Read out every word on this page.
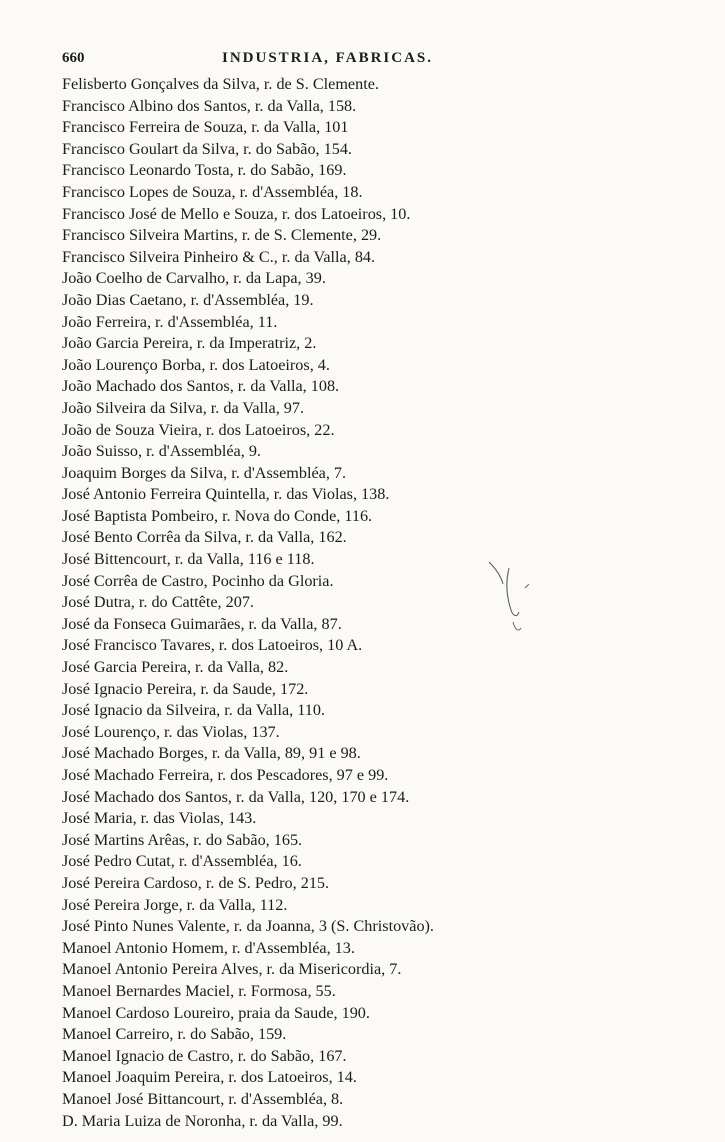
660	INDUSTRIA, FABRICAS.
Felisberto Gonçalves da Silva, r. de S. Clemente.
Francisco Albino dos Santos, r. da Valla, 158.
Francisco Ferreira de Souza, r. da Valla, 101
Francisco Goulart da Silva, r. do Sabão, 154.
Francisco Leonardo Tosta, r. do Sabão, 169.
Francisco Lopes de Souza, r. d'Assembléa, 18.
Francisco José de Mello e Souza, r. dos Latoeiros, 10.
Francisco Silveira Martins, r. de S. Clemente, 29.
Francisco Silveira Pinheiro & C., r. da Valla, 84.
João Coelho de Carvalho, r. da Lapa, 39.
João Dias Caetano, r. d'Assembléa, 19.
João Ferreira, r. d'Assembléa, 11.
João Garcia Pereira, r. da Imperatriz, 2.
João Lourenço Borba, r. dos Latoeiros, 4.
João Machado dos Santos, r. da Valla, 108.
João Silveira da Silva, r. da Valla, 97.
João de Souza Vieira, r. dos Latoeiros, 22.
João Suisso, r. d'Assembléa, 9.
Joaquim Borges da Silva, r. d'Assembléa, 7.
José Antonio Ferreira Quintella, r. das Violas, 138.
José Baptista Pombeiro, r. Nova do Conde, 116.
José Bento Corrêa da Silva, r. da Valla, 162.
José Bittencourt, r. da Valla, 116 e 118.
José Corrêa de Castro, Pocinho da Gloria.
José Dutra, r. do Cattête, 207.
José da Fonseca Guimarães, r. da Valla, 87.
José Francisco Tavares, r. dos Latoeiros, 10 A.
José Garcia Pereira, r. da Valla, 82.
José Ignacio Pereira, r. da Saude, 172.
José Ignacio da Silveira, r. da Valla, 110.
José Lourenço, r. das Violas, 137.
José Machado Borges, r. da Valla, 89, 91 e 98.
José Machado Ferreira, r. dos Pescadores, 97 e 99.
José Machado dos Santos, r. da Valla, 120, 170 e 174.
José Maria, r. das Violas, 143.
José Martins Arêas, r. do Sabão, 165.
José Pedro Cutat, r. d'Assembléa, 16.
José Pereira Cardoso, r. de S. Pedro, 215.
José Pereira Jorge, r. da Valla, 112.
José Pinto Nunes Valente, r. da Joanna, 3 (S. Christovão).
Manoel Antonio Homem, r. d'Assembléa, 13.
Manoel Antonio Pereira Alves, r. da Misericordia, 7.
Manoel Bernardes Maciel, r. Formosa, 55.
Manoel Cardoso Loureiro, praia da Saude, 190.
Manoel Carreiro, r. do Sabão, 159.
Manoel Ignacio de Castro, r. do Sabão, 167.
Manoel Joaquim Pereira, r. dos Latoeiros, 14.
Manoel José Bittancourt, r. d'Assembléa, 8.
D. Maria Luiza de Noronha, r. da Valla, 99.
